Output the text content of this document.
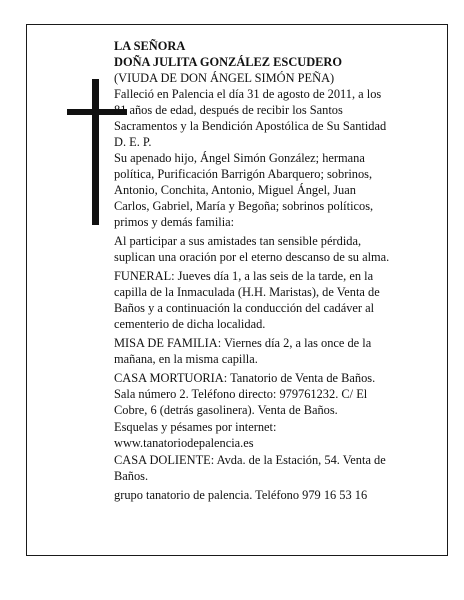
LA SEÑORA
DOÑA JULITA GONZÁLEZ ESCUDERO
(VIUDA DE DON ÁNGEL SIMÓN PEÑA)
Falleció en Palencia el día 31 de agosto de 2011, a los
81 años de edad, después de recibir los Santos
Sacramentos y la Bendición Apostólica de Su Santidad
D. E. P.
Su apenado hijo, Ángel Simón González; hermana
política, Purificación Barrigón Abarquero; sobrinos,
Antonio, Conchita, Antonio, Miguel Ángel, Juan
Carlos, Gabriel, María y Begoña; sobrinos políticos,
primos y demás familia:
Al participar a sus amistades tan sensible pérdida,
suplican una oración por el eterno descanso de su alma.
FUNERAL: Jueves día 1, a las seis de la tarde, en la
capilla de la Inmaculada (H.H. Maristas), de Venta de
Baños y a continuación la conducción del cadáver al
cementerio de dicha localidad.
MISA DE FAMILIA: Viernes día 2, a las once de la
mañana, en la misma capilla.
CASA MORTUORIA: Tanatorio de Venta de Baños.
Sala número 2. Teléfono directo: 979761232. C/ El
Cobre, 6 (detrás gasolinera). Venta de Baños.
Esquelas y pésames por internet:
www.tanatoriodepalencia.es
CASA DOLIENTE: Avda. de la Estación, 54. Venta de
Baños.
grupo tanatorio de palencia. Teléfono 979 16 53 16
